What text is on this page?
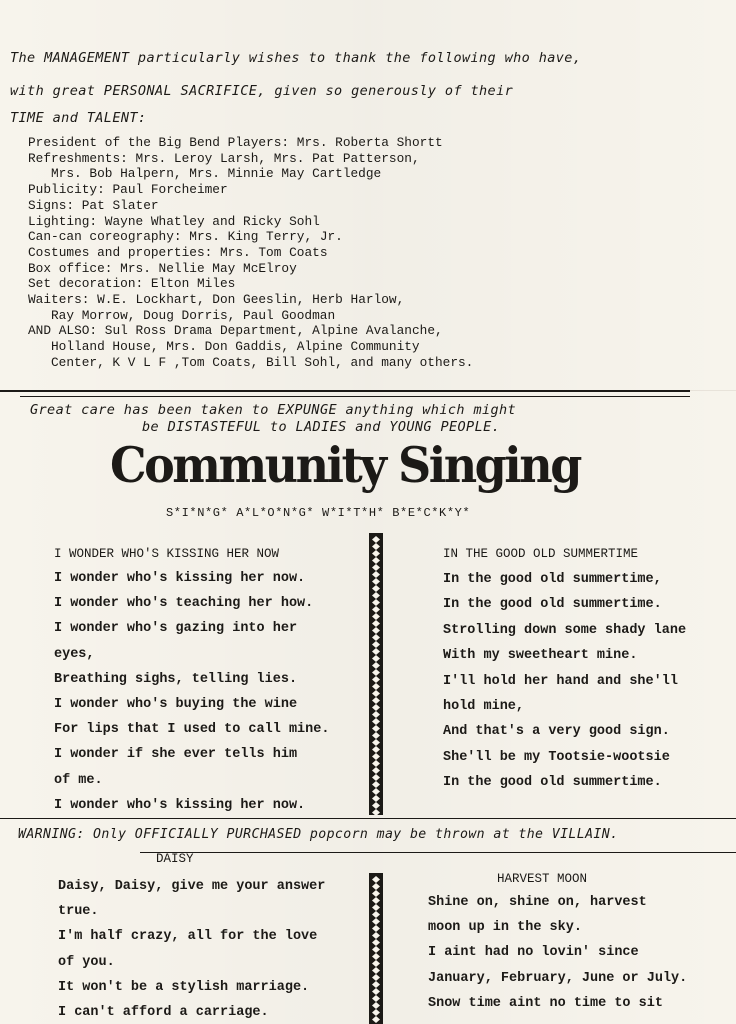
The MANAGEMENT particularly wishes to thank the following who have,
with great PERSONAL SACRIFICE, given so generously of their
TIME and TALENT:
President of the Big Bend Players: Mrs. Roberta Shortt
Refreshments: Mrs. Leroy Larsh, Mrs. Pat Patterson,
Mrs. Bob Halpern, Mrs. Minnie May Cartledge
Publicity: Paul Forcheimer
Signs: Pat Slater
Lighting: Wayne Whatley and Ricky Sohl
Can-can coreography: Mrs. King Terry, Jr.
Costumes and properties: Mrs. Tom Coats
Box office: Mrs. Nellie May McElroy
Set decoration: Elton Miles
Waiters: W.E. Lockhart, Don Geeslin, Herb Harlow,
Ray Morrow, Doug Dorris, Paul Goodman
AND ALSO: Sul Ross Drama Department, Alpine Avalanche,
Holland House, Mrs. Don Gaddis, Alpine Community
Center, K V L F ,Tom Coats, Bill Sohl, and many others.
Great care has been taken to EXPUNGE anything which might
be DISTASTEFUL to LADIES and YOUNG PEOPLE.
Community Singing
S*I*N*G* A*L*O*N*G* W*I*T*H* B*E*C*K*Y*
I WONDER WHO'S KISSING HER NOW
I wonder who's kissing her now.
I wonder who's teaching her how.
I wonder who's gazing into her
eyes,
Breathing sighs, telling lies.
I wonder who's buying the wine
For lips that I used to call mine.
I wonder if she ever tells him
of me.
I wonder who's kissing her now.
IN THE GOOD OLD SUMMERTIME
In the good old summertime,
In the good old summertime.
Strolling down some shady lane
With my sweetheart mine.
I'll hold her hand and she'll
hold mine,
And that's a very good sign.
She'll be my Tootsie-wootsie
In the good old summertime.
WARNING: Only OFFICIALLY PURCHASED popcorn may be thrown at the VILLAIN.
DAISY
Daisy, Daisy, give me your answer
true.
I'm half crazy, all for the love
of you.
It won't be a stylish marriage.
I can't afford a carriage.
HARVEST MOON
Shine on, shine on, harvest
moon up in the sky.
I aint had no lovin' since
January, February, June or July.
Snow time aint no time to sit
